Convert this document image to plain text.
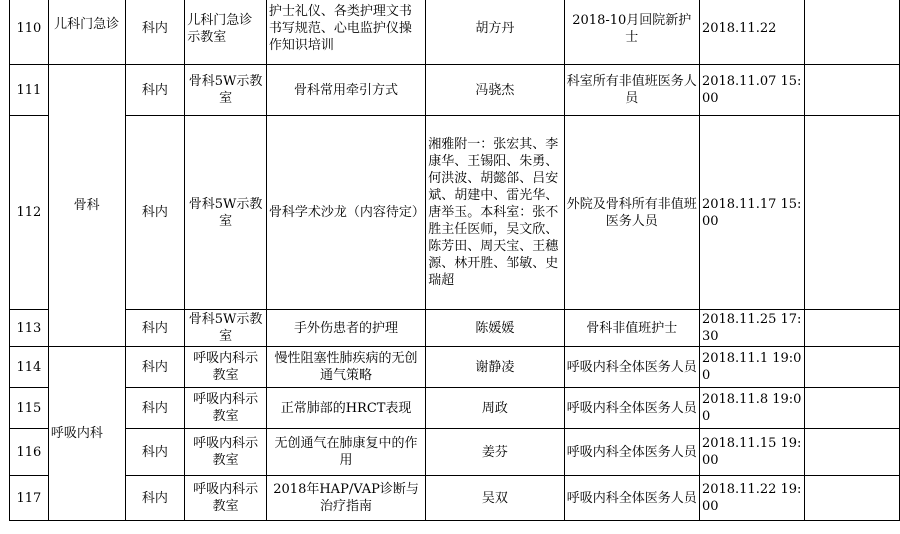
110	儿科门急诊	科内	儿科门急诊示教室	护士礼仪、各类护理文书书写规范、心电监护仪操作知识培训	胡方丹	2018-10月回院新护士	2018.11.22	
111	骨科	科内	骨科5W示教室	骨科常用牵引方式	冯骁杰	科室所有非值班医务人员	2018.11.07 15:00	
112		科内	骨科5W示教室	骨科学术沙龙（内容待定）	湘雅附一：张宏其、李康华、王锡阳、朱勇、何洪波、胡懿郃、吕安斌、胡建中、雷光华、唐举玉。本科室：张不胜主任医师，吴文欣、陈芳田、周天宝、王穗源、林开胜、邹敏、史瑞超	外院及骨科所有非值班医务人员	2018.11.17 15:00	
113		科内	骨科5W示教室	手外伤患者的护理	陈媛媛	骨科非值班护士	2018.11.25 17:30	
114	呼吸内科	科内	呼吸内科示教室	慢性阻塞性肺疾病的无创通气策略	谢静凌	呼吸内科全体医务人员	2018.11.1 19:00	
115		科内	呼吸内科示教室	正常肺部的HRCT表现	周政	呼吸内科全体医务人员	2018.11.8 19:00	
116		科内	呼吸内科示教室	无创通气在肺康复中的作用	姜芬	呼吸内科全体医务人员	2018.11.15 19:00	
117		科内	呼吸内科示教室	2018年HAP/VAP诊断与治疗指南	吴双	呼吸内科全体医务人员	2018.11.22 19:00	
